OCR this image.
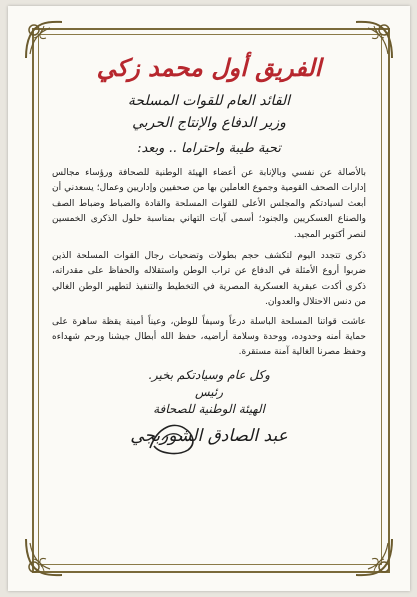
الفريق أول محمد زكي
القائد العام للقوات المسلحة
وزير الدفاع والإنتاج الحربي
تحية طيبة واحتراما .. وبعد:
بالأصالة عن نفسي وبالإنابة عن أعضاء الهيئة الوطنية للصحافة ورؤساء مجالس إدارات الصحف القومية وجموع العاملين بها من صحفيين وإداريين وعمال؛ يسعدني أن أبعث لسيادتكم والمجلس الأعلى للقوات المسلحة والقادة والضباط وضباط الصف والصناع العسكريين والجنود؛ أسمى آيات التهاني بمناسبة حلول الذكرى الخمسين لنصر أكتوبر المجيد.
ذكرى تتجدد اليوم لتكشف حجم بطولات وتضحيات رجال القوات المسلحة الذين ضربوا أروع الأمثلة في الدفاع عن تراب الوطن واستقلاله والحفاظ على مقدراته، ذكرى أكدت عبقرية العسكرية المصرية في التخطيط والتنفيذ لتطهير الوطن الغالي من دنس الاحتلال والعدوان.
عاشت قواتنا المسلحة الباسلة درعاً وسيفاً للوطن، وعيناً أمينة يقظة ساهرة على حماية أمنه وحدوده، ووحدة وسلامة أراضيه، حفظ الله أبطال جيشنا ورحم شهداءه وحفظ مصرنا الغالية آمنة مستقرة.
وكل عام وسيادتكم بخير.
رئيس
الهيئة الوطنية للصحافة
عبد الصادق الشوربجي
